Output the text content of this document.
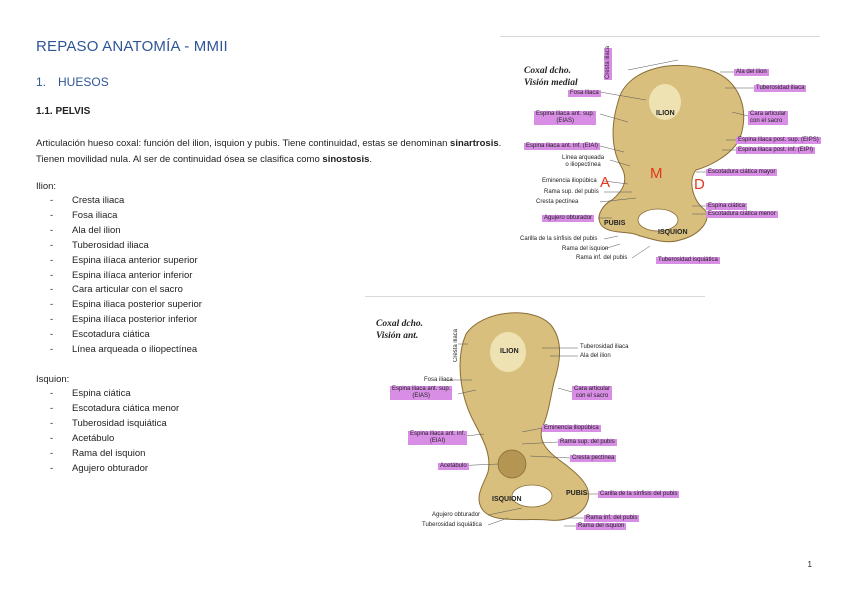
REPASO ANATOMÍA - MMII
1. HUESOS
1.1. PELVIS
Articulación hueso coxal: función del ilion, isquion y pubis. Tiene continuidad, estas se denominan sinartrosis.
Tienen movilidad nula. Al ser de continuidad ósea se clasifica como sinostosis.
Ilion:
- Cresta iliaca
- Fosa iliaca
- Ala del ilion
- Tuberosidad iliaca
- Espina ilíaca anterior superior
- Espina ilíaca anterior inferior
- Cara articular con el sacro
- Espina iliaca posterior superior
- Espina ilíaca posterior inferior
- Escotadura ciática
- Línea arqueada o iliopectínea
Isquion:
- Espina ciática
- Escotadura ciática menor
- Tuberosidad isquiática
- Acetábulo
- Rama del isquion
- Agujero obturador
1
Coxal dcho.
Visión medial
Cresta iliaca	Ala del ilion
Tuberosidad iliaca
Fosa iliaca
Cara articular
con el sacro
Espina iliaca ant. sup.
(EIAS)
Espina iliaca post. sup. (EIPS)
Espina iliaca post. inf. (EIPI)
Espina iliaca ant. inf. (EIAI)
Línea arqueada
o iliopectínea
Escotadura ciática mayor
Eminencia iliopúbica
Rama sup. del pubis
Cresta pectínea
Espina ciática
Escotadura ciática menor
Agujero obturador
Carilla de la sínfisis del pubis
Rama del isquion
Rama inf. del pubis	Tuberosidad isquiática
ILION
PUBIS
ISQUION
A
M
D
Coxal dcho.
Visión ant.	Cresta iliaca	Tuberosidad iliaca
Ala del ilion
Fosa iliaca
Espina iliaca ant. sup.
(EIAS)
Cara articular
con el sacro
Espina iliaca ant. inf.
(EIAI)
Eminencia iliopúbica
Rama sup. del pubis
Cresta pectínea
Acetábulo
Carilla de la sínfisis del pubis
Agujero obturador	Rama inf. del pubis
Tuberosidad isquiática	Rama del isquion
ILION
ISQUION
PUBIS
